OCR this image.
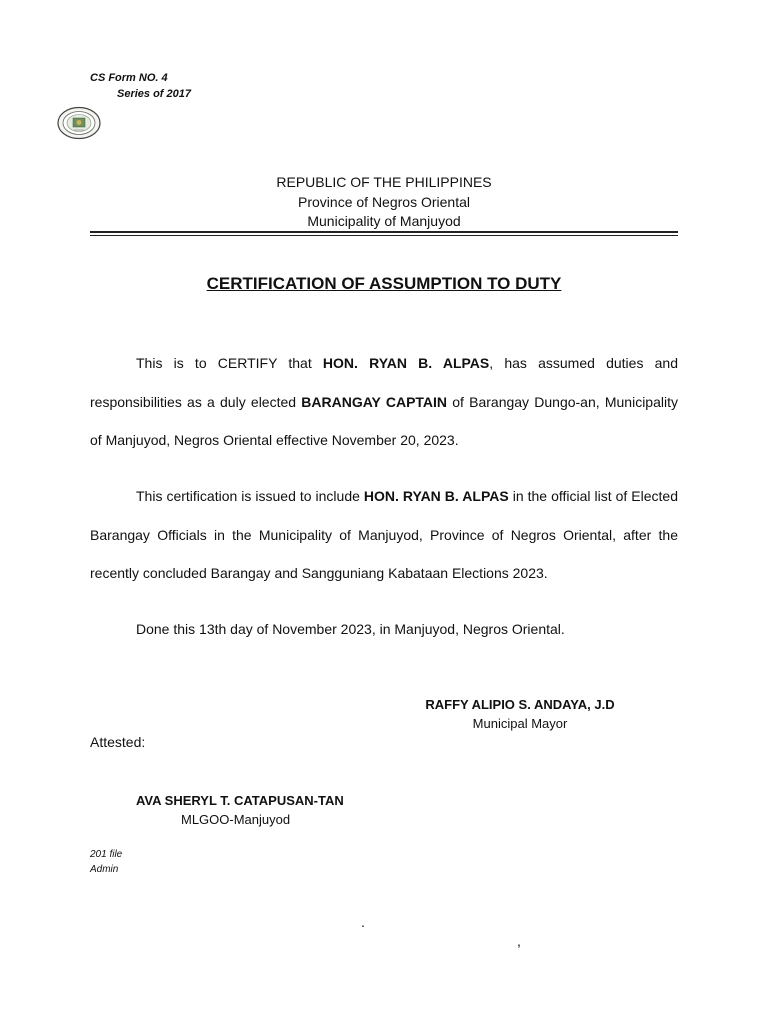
CS Form NO. 4
Series of 2017
REPUBLIC OF THE PHILIPPINES
Province of Negros Oriental
Municipality of Manjuyod
CERTIFICATION OF ASSUMPTION TO DUTY
This is to CERTIFY that HON. RYAN B. ALPAS, has assumed duties and responsibilities as a duly elected BARANGAY CAPTAIN of Barangay Dungo-an, Municipality of Manjuyod, Negros Oriental effective November 20, 2023.
This certification is issued to include HON. RYAN B. ALPAS in the official list of Elected Barangay Officials in the Municipality of Manjuyod, Province of Negros Oriental, after the recently concluded Barangay and Sangguniang Kabataan Elections 2023.
Done this 13th day of November 2023, in Manjuyod, Negros Oriental.
RAFFY ALIPIO S. ANDAYA, J.D
Municipal Mayor
Attested:
AVA SHERYL T. CATAPUSAN-TAN
MLGOO-Manjuyod
201 file
Admin
.
,
